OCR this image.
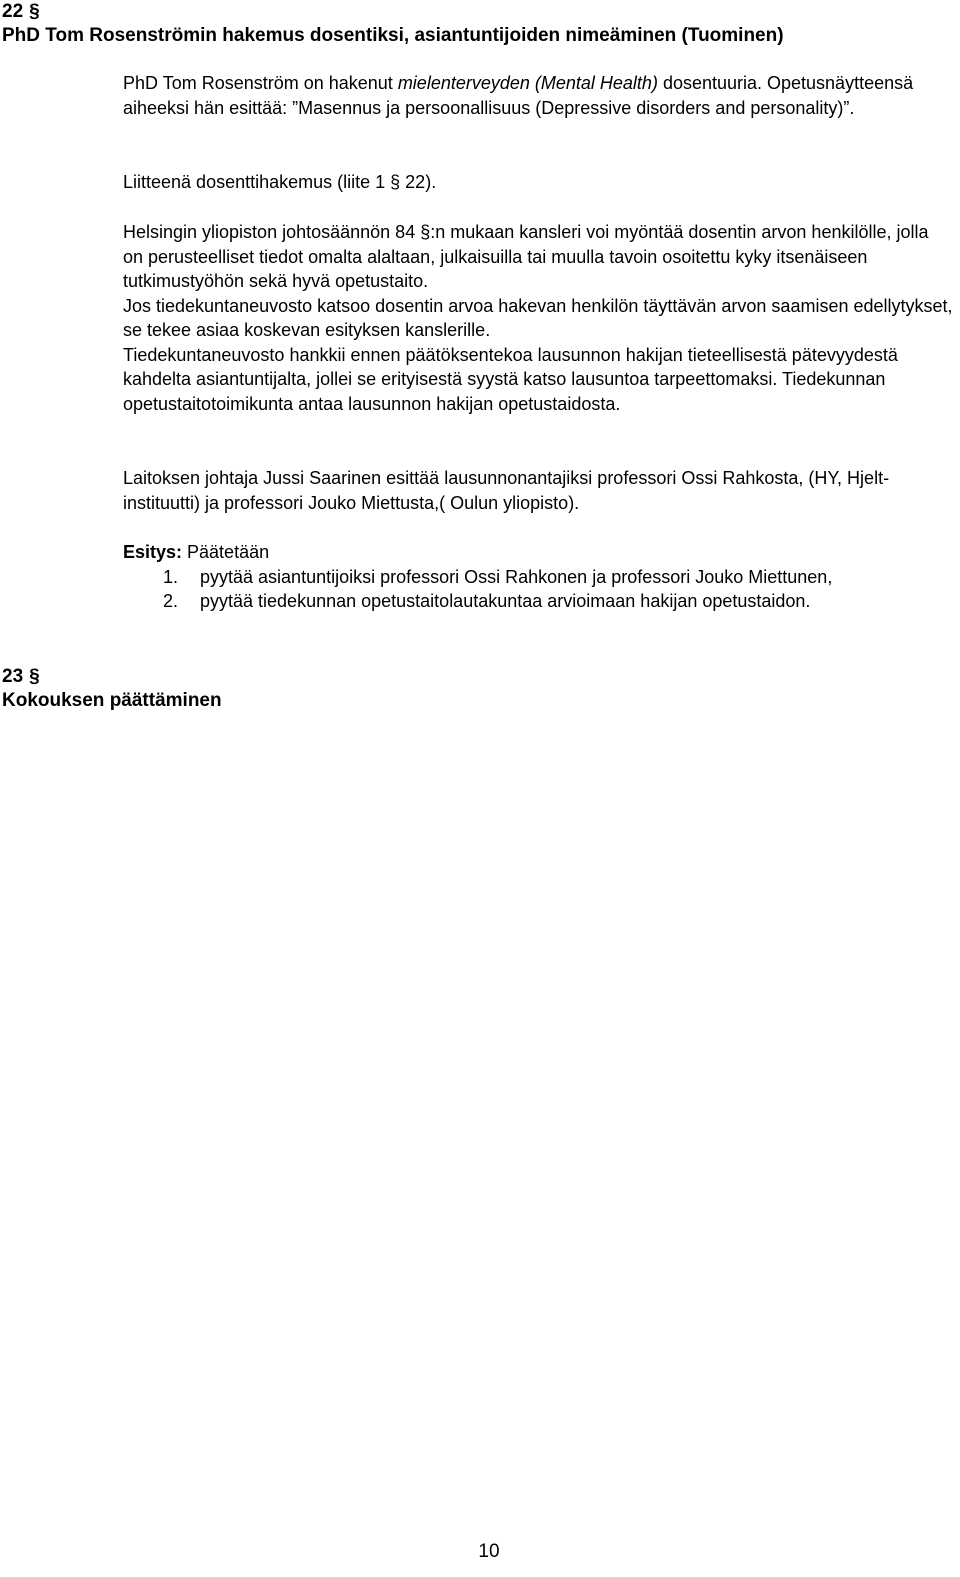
22 §
PhD Tom Rosenströmin hakemus dosentiksi, asiantuntijoiden nimeäminen (Tuominen)

PhD Tom Rosenström on hakenut mielenterveyden (Mental Health) dosentuuria. Opetusnäytteensä aiheeksi hän esittää: ”Masennus ja persoonallisuus (Depressive disorders and personality)”.

Liitteenä dosenttihakemus (liite 1 § 22).

Helsingin yliopiston johtosäännön 84 §:n mukaan kansleri voi myöntää dosentin arvon henkilölle, jolla on perusteelliset tiedot omalta alaltaan, julkaisuilla tai muulla tavoin osoitettu kyky itsenäiseen tutkimustyöhön sekä hyvä opetustaito.

Jos tiedekuntaneuvosto katsoo dosentin arvoa hakevan henkilön täyttävän arvon saamisen edellytykset, se tekee asiaa koskevan esityksen kanslerille.

Tiedekuntaneuvosto hankkii ennen päätöksentekoa lausunnon hakijan tieteellisestä pätevyydestä kahdelta asiantuntijalta, jollei se erityisestä syystä katso lausuntoa tarpeettomaksi. Tiedekunnan opetustaitotoimikunta antaa lausunnon hakijan opetustaidosta.

Laitoksen johtaja Jussi Saarinen esittää lausunnonantajiksi professori Ossi Rahkosta, (HY, Hjelt-instituutti) ja professori Jouko Miettusta,( Oulun yliopisto).

Esitys: Päätetään

1. pyytää asiantuntijoiksi professori Ossi Rahkonen ja professori Jouko Miettunen,
2. pyytää tiedekunnan opetustaitolautakuntaa arvioimaan hakijan opetustaidon.
23 §
Kokouksen päättäminen
10
